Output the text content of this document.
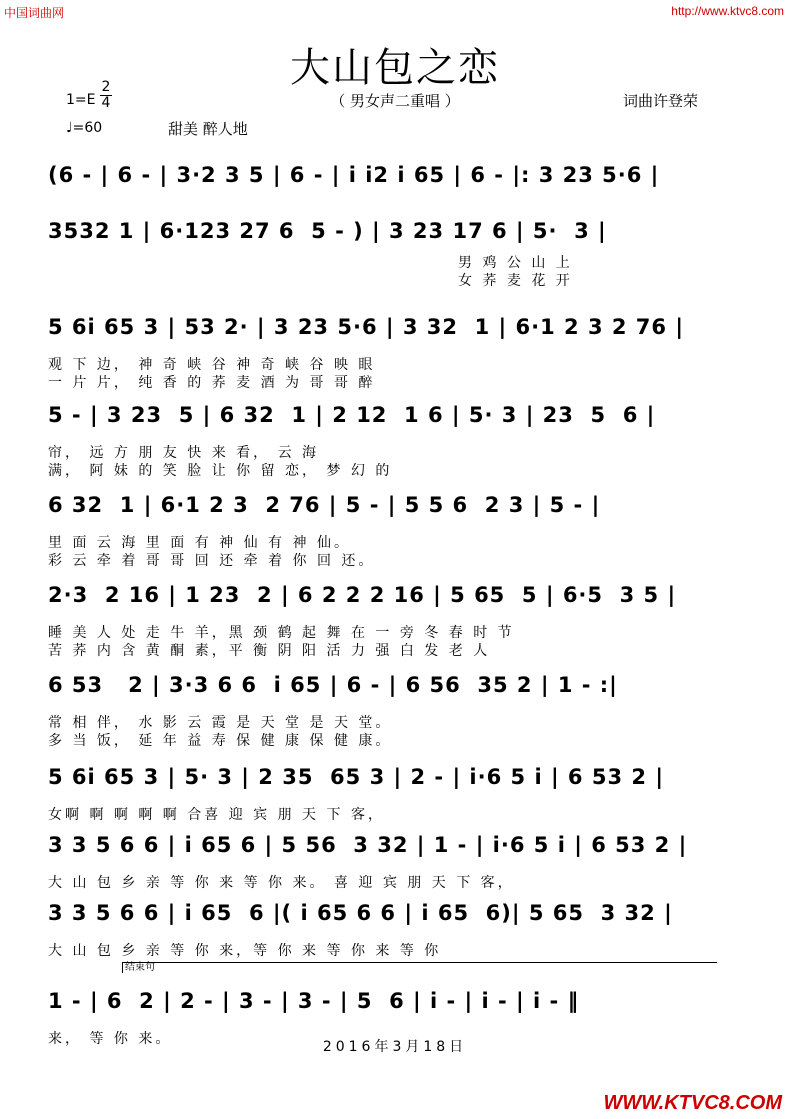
中国词曲网	http://www.ktvc8.com
大山包之恋
（ 男女声二重唱 ）	词曲许登荣
1=E
2
4
♩=60	甜美 醉人地
(6 - | 6 - | 3·2 3 5 | 6 - | i i2 i 65 | 6 - |: 3 23 5·6 |
3532 1 | 6·123 27 6  5 - ) | 3 23 17 6 | 5·  3 |
男 鸡 公 山 上
女 荞 麦 花 开
5 6i 65 3 | 53 2· | 3 23 5·6 | 3 32  1 | 6·1 2 3 2 76 |
观 下 边， 神 奇 峡 谷 神 奇 峡 谷 映 眼
一 片 片， 纯 香 的 荞 麦 酒 为 哥 哥 醉
5 - | 3 23  5 | 6 32  1 | 2 12  1 6 | 5· 3 | 23  5  6 |
帘， 远 方 朋 友 快 来 看， 云 海
满， 阿 妹 的 笑 脸 让 你 留 恋， 梦 幻 的
6 32  1 | 6·1 2 3  2 76 | 5 - | 5 5 6  2 3 | 5 - |
里 面 云 海 里 面 有 神 仙 有 神 仙。
彩 云 牵 着 哥 哥 回 还 牵 着 你 回 还。
2·3  2 16 | 1 23  2 | 6 2 2 2 16 | 5 65  5 | 6·5  3 5 |
睡 美 人 处 走 牛 羊，黑 颈 鹤 起 舞 在 一 旁 冬 春 时 节
苦 荞 内 含 黄 酮 素，平 衡 阴 阳 活 力 强 白 发 老 人
6 53   2 | 3·3 6 6  i 65 | 6 - | 6 56  35 2 | 1 - :|
常 相 伴， 水 影 云 霞 是 天 堂 是 天 堂。
多 当 饭， 延 年 益 寿 保 健 康 保 健 康。
5 6i 65 3 | 5· 3 | 2 35  65 3 | 2 - | i·6 5 i | 6 53 2 |
女啊 啊 啊 啊 啊 合喜 迎 宾 朋 天 下 客，
3 3 5 6 6 | i 65 6 | 5 56  3 32 | 1 - | i·6 5 i | 6 53 2 |
大 山 包 乡 亲 等 你 来 等 你 来。 喜 迎 宾 朋 天 下 客，
3 3 5 6 6 | i 65  6 |( i 65 6 6 | i 65  6)| 5 65  3 32 |
大 山 包 乡 亲 等 你 来，等 你 来 等 你 来 等 你
结束句
1 - | 6  2 | 2 - | 3 - | 3 - | 5  6 | i - | i - | i - ‖
来， 等 你 来。	2016年3月18日
WWW.KTVC8.COM
